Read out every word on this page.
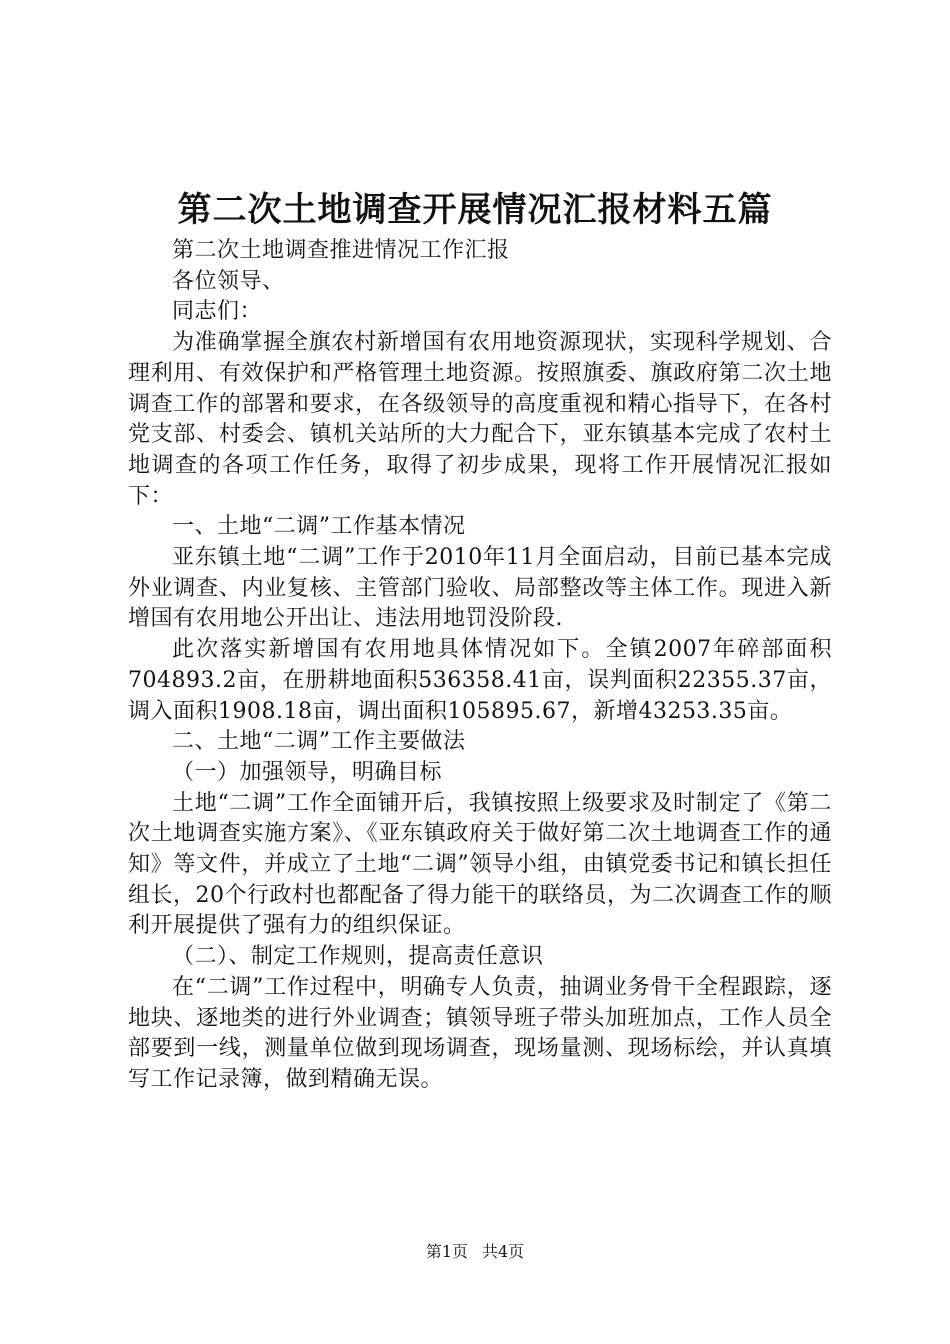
第二次土地调查开展情况汇报材料五篇

第二次土地调查推进情况工作汇报

各位领导、

同志们：

为准确掌握全旗农村新增国有农用地资源现状，实现科学规划、合理利用、有效保护和严格管理土地资源。按照旗委、旗政府第二次土地调查工作的部署和要求，在各级领导的高度重视和精心指导下，在各村党支部、村委会、镇机关站所的大力配合下，亚东镇基本完成了农村土地调查的各项工作任务，取得了初步成果，现将工作开展情况汇报如下：

一、土地“二调”工作基本情况

亚东镇土地“二调”工作于2010年11月全面启动，目前已基本完成外业调查、内业复核、主管部门验收、局部整改等主体工作。现进入新增国有农用地公开出让、违法用地罚没阶段.

此次落实新增国有农用地具体情况如下。全镇2007年碎部面积704893.2亩，在册耕地面积536358.41亩，误判面积22355.37亩，调入面积1908.18亩，调出面积105895.67，新增43253.35亩。

二、土地“二调”工作主要做法

（一）加强领导，明确目标

土地“二调”工作全面铺开后，我镇按照上级要求及时制定了《第二次土地调查实施方案》、《亚东镇政府关于做好第二次土地调查工作的通知》等文件，并成立了土地“二调”领导小组，由镇党委书记和镇长担任组长，20个行政村也都配备了得力能干的联络员，为二次调查工作的顺利开展提供了强有力的组织保证。

（二）、制定工作规则，提高责任意识

在“二调”工作过程中，明确专人负责，抽调业务骨干全程跟踪，逐地块、逐地类的进行外业调查；镇领导班子带头加班加点，工作人员全部要到一线，测量单位做到现场调查，现场量测、现场标绘，并认真填写工作记录簿，做到精确无误。

第1页 共4页
